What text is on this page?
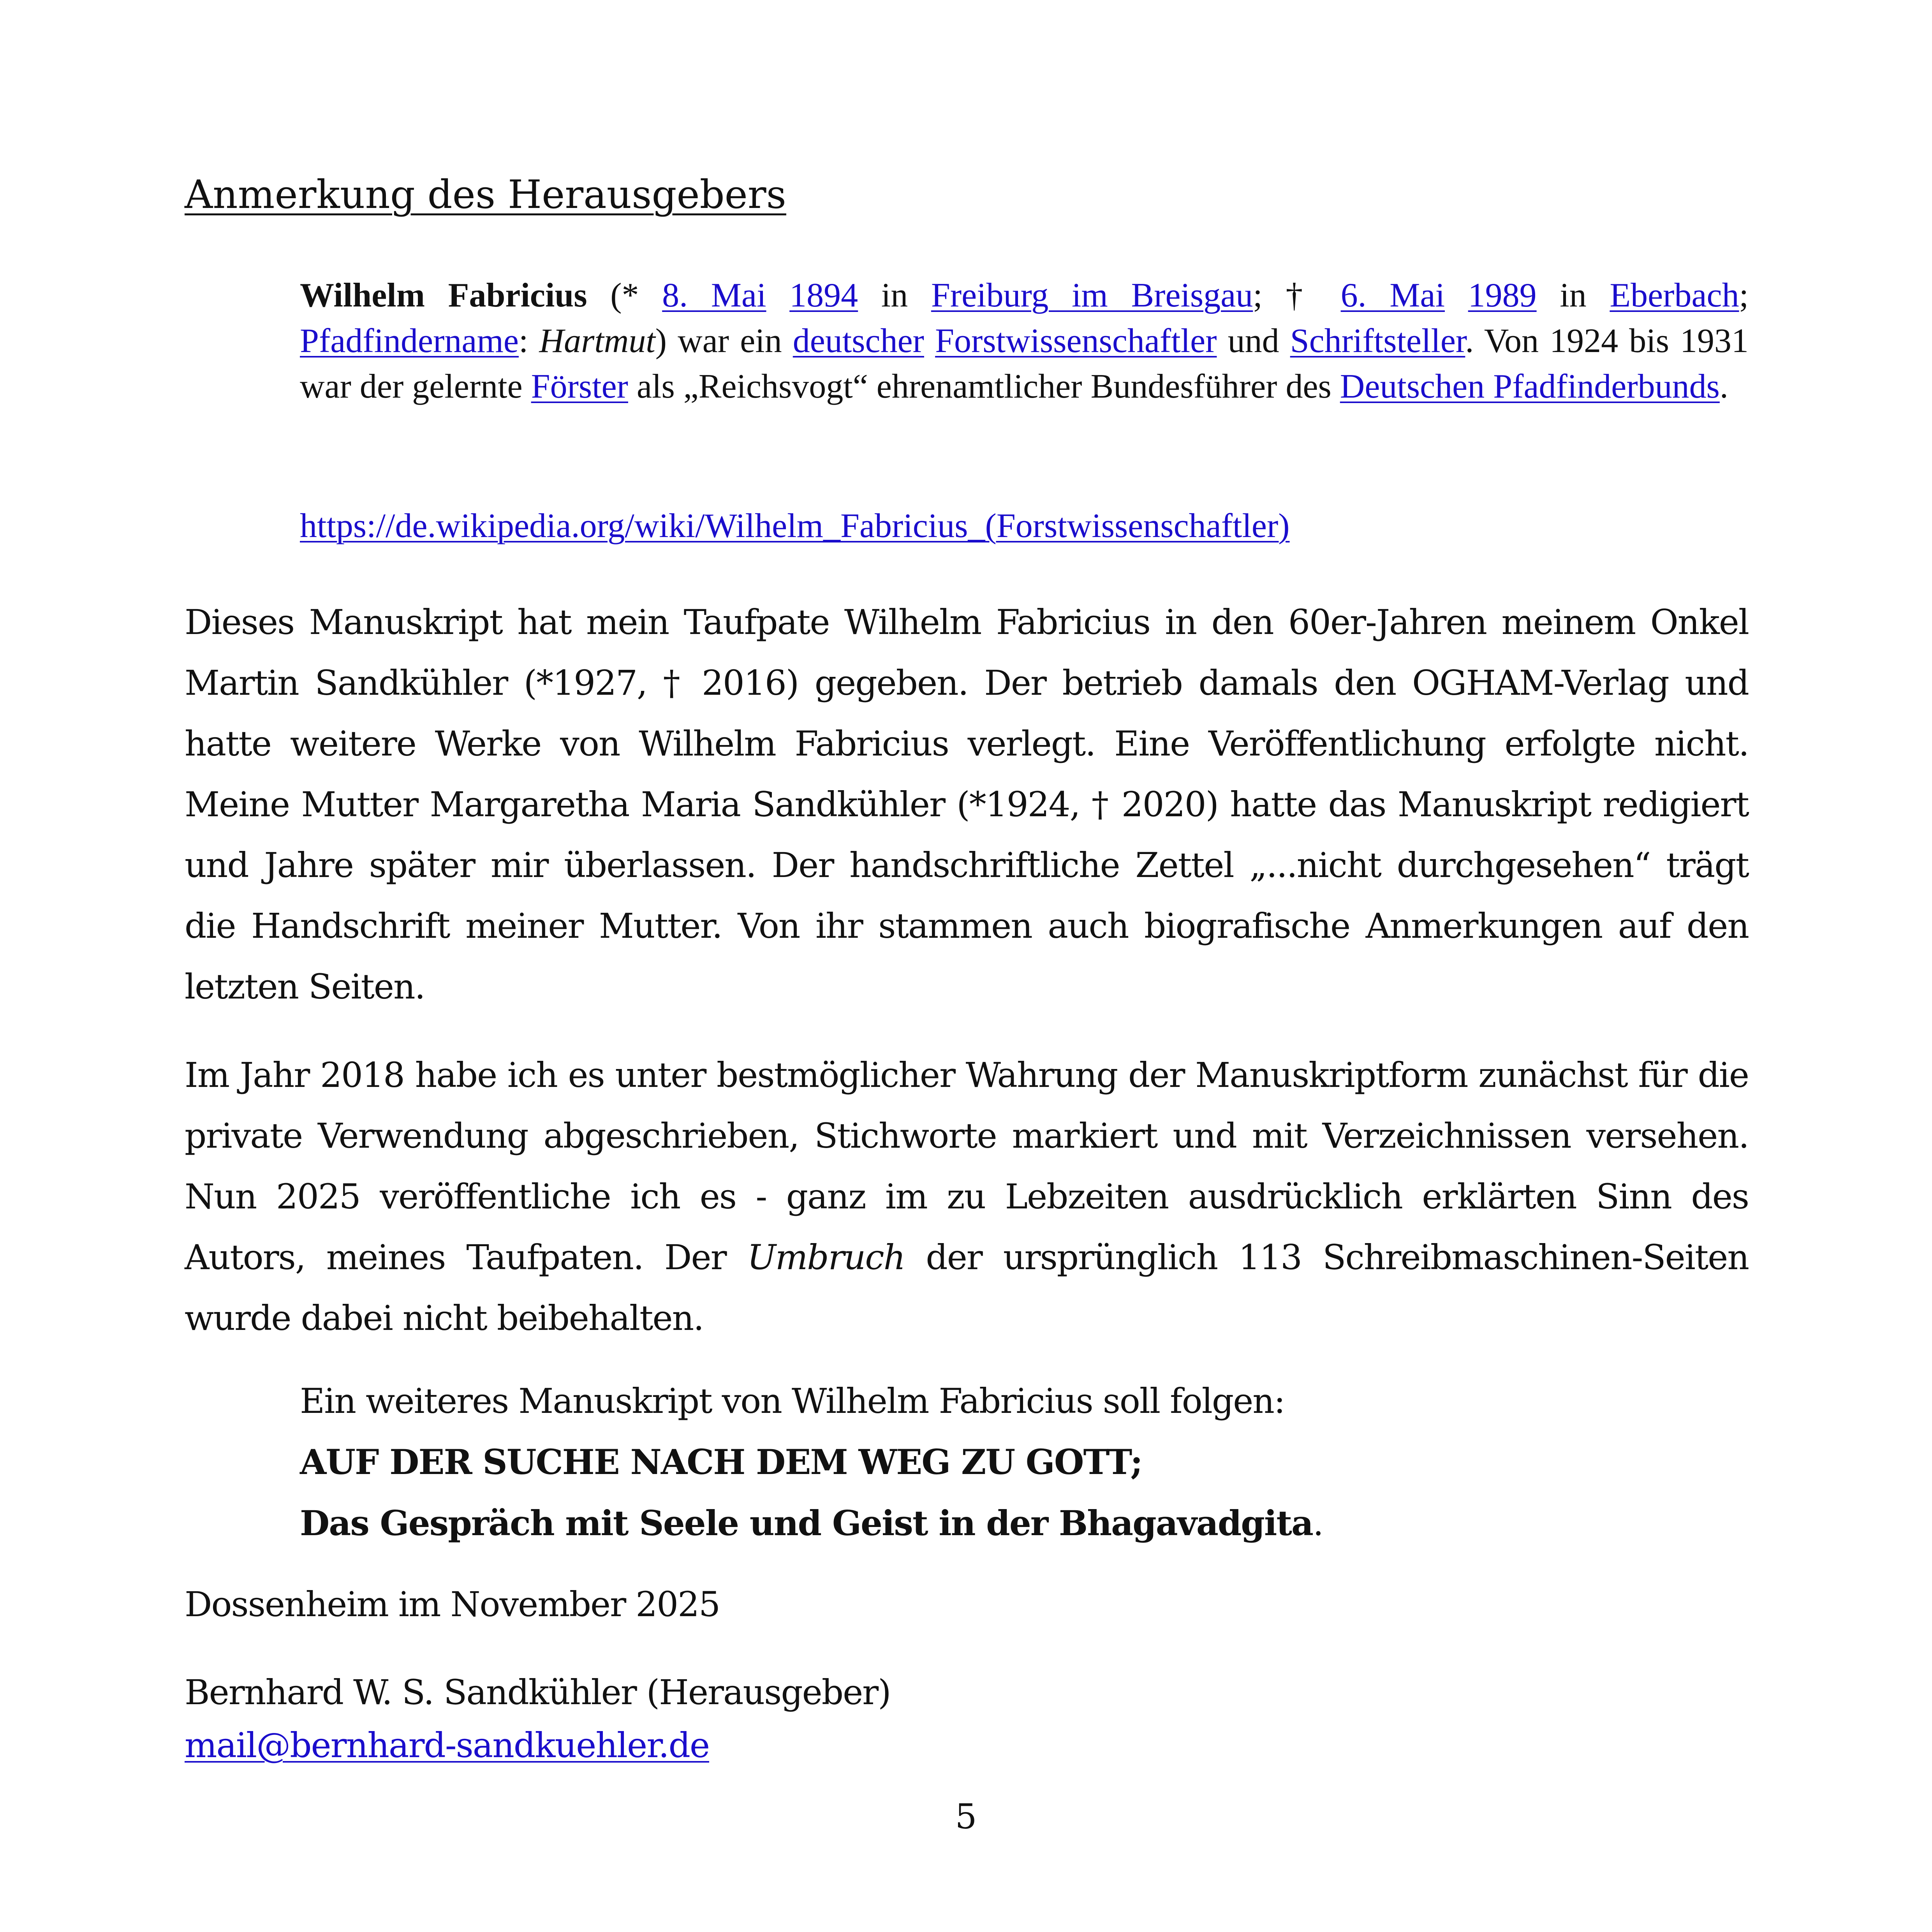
Anmerkung des Herausgebers

Wilhelm Fabricius (* 8. Mai 1894 in Freiburg im Breisgau; † 6. Mai 1989 in Eberbach; Pfadfindername: Hartmut) war ein deutscher Forstwissenschaftler und Schriftsteller. Von 1924 bis 1931 war der gelernte Förster als „Reichsvogt“ ehrenamtlicher Bundesführer des Deutschen Pfadfinderbunds.

https://de.wikipedia.org/wiki/Wilhelm_Fabricius_(Forstwissenschaftler)

Dieses Manuskript hat mein Taufpate Wilhelm Fabricius in den 60er-Jahren meinem Onkel Martin Sandkühler (*1927, † 2016) gegeben. Der betrieb damals den OGHAM-Verlag und hatte weitere Werke von Wilhelm Fabricius verlegt. Eine Veröffentlichung erfolgte nicht. Meine Mutter Margaretha Maria Sandkühler (*1924, † 2020) hatte das Manuskript redigiert und Jahre später mir überlassen. Der handschriftliche Zettel „...nicht durchgesehen“ trägt die Handschrift meiner Mutter. Von ihr stammen auch biografische Anmerkungen auf den letzten Seiten.

Im Jahr 2018 habe ich es unter bestmöglicher Wahrung der Manuskriptform zunächst für die private Verwendung abgeschrieben, Stichworte markiert und mit Verzeichnissen versehen. Nun 2025 veröffentliche ich es - ganz im zu Lebzeiten ausdrücklich erklärten Sinn des Autors, meines Taufpaten. Der Umbruch der ursprünglich 113 Schreibmaschinen-Seiten wurde dabei nicht beibehalten.

Ein weiteres Manuskript von Wilhelm Fabricius soll folgen:
AUF DER SUCHE NACH DEM WEG ZU GOTT;
Das Gespräch mit Seele und Geist in der Bhagavadgita.

Dossenheim im November 2025

Bernhard W. S. Sandkühler (Herausgeber)
mail@bernhard-sandkuehler.de

5
